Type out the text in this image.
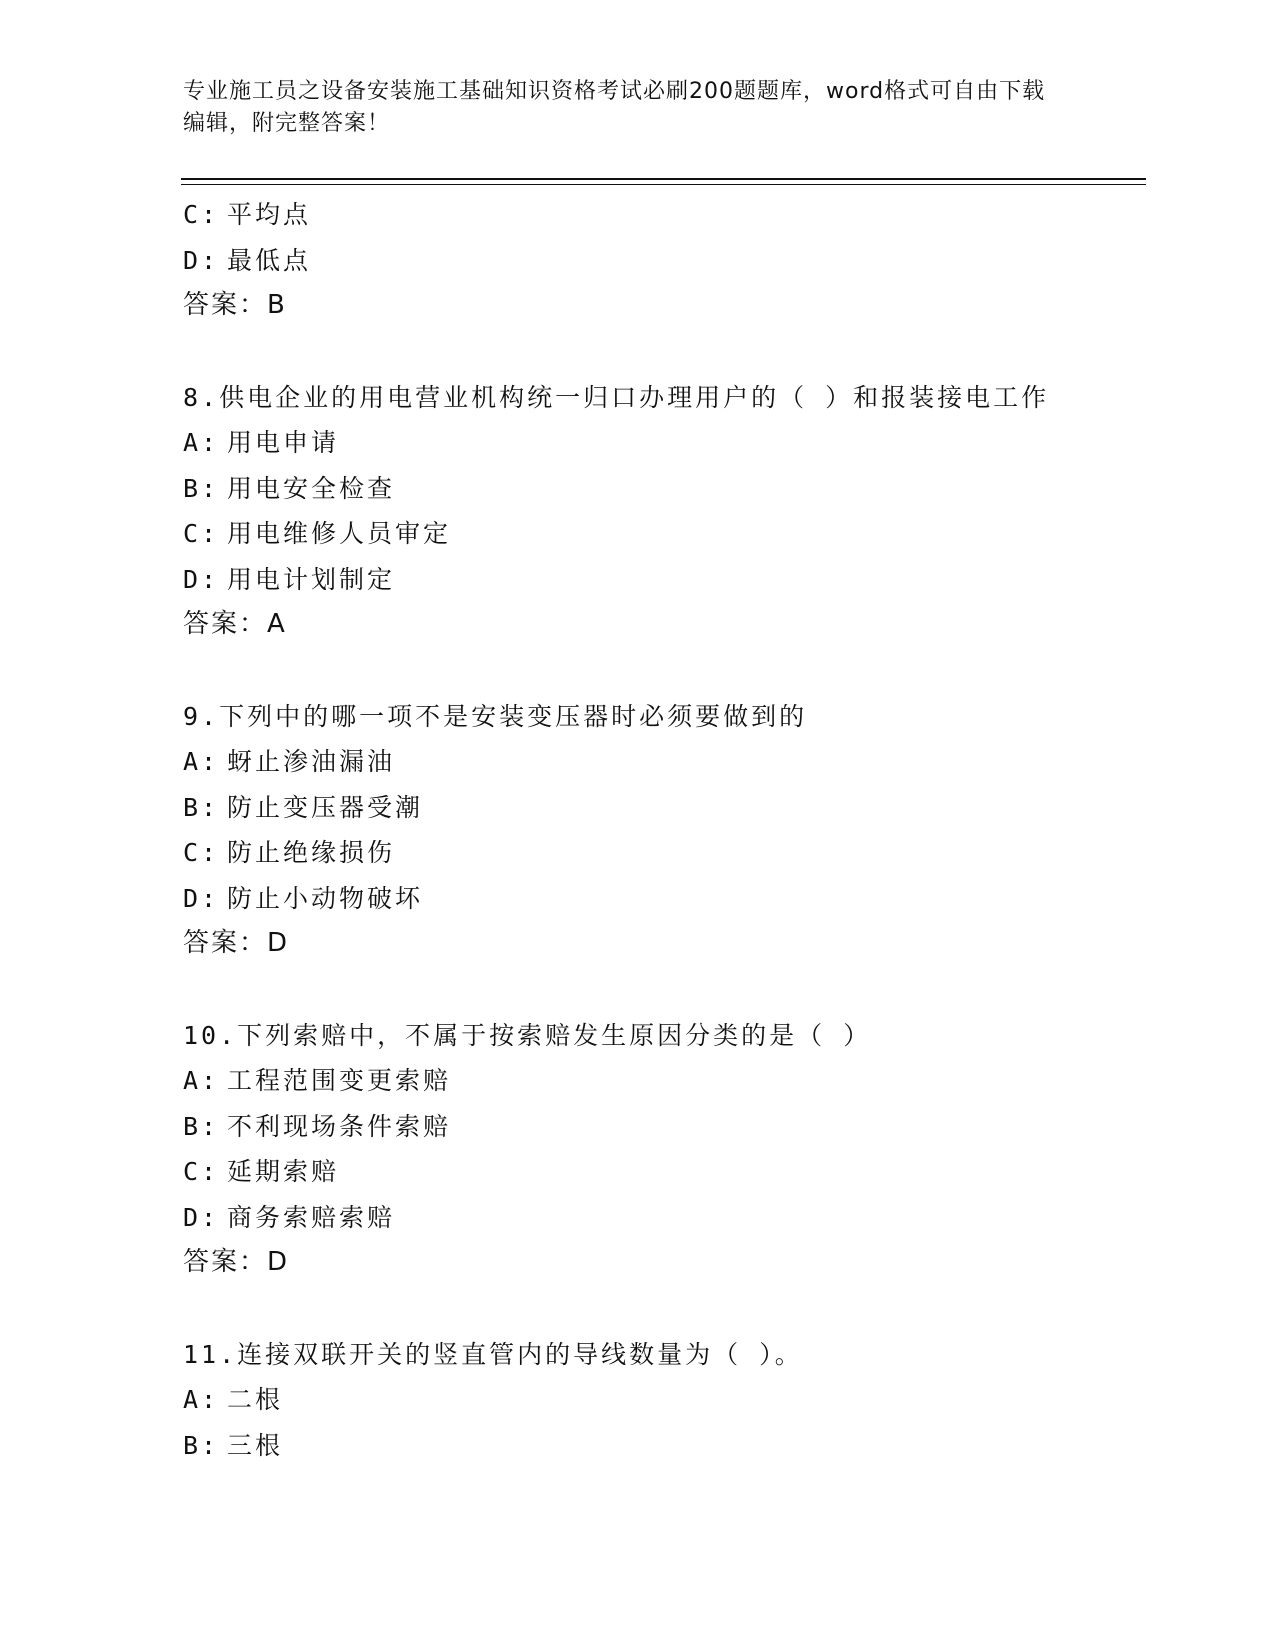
专业施工员之设备安装施工基础知识资格考试必刷200题题库，word格式可自由下载编辑，附完整答案！
C: 平均点
D: 最低点
答案：B
8.供电企业的用电营业机构统一归口办理用户的（ ）和报装接电工作
A: 用电申请
B: 用电安全检查
C: 用电维修人员审定
D: 用电计划制定
答案：A
9.下列中的哪一项不是安装变压器时必须要做到的
A: 蚜止渗油漏油
B: 防止变压器受潮
C: 防止绝缘损伤
D: 防止小动物破坏
答案：D
10.下列索赔中，不属于按索赔发生原因分类的是（ ）
A: 工程范围变更索赔
B: 不利现场条件索赔
C: 延期索赔
D: 商务索赔索赔
答案：D
11.连接双联开关的竖直管内的导线数量为（ ）。
A: 二根
B: 三根
